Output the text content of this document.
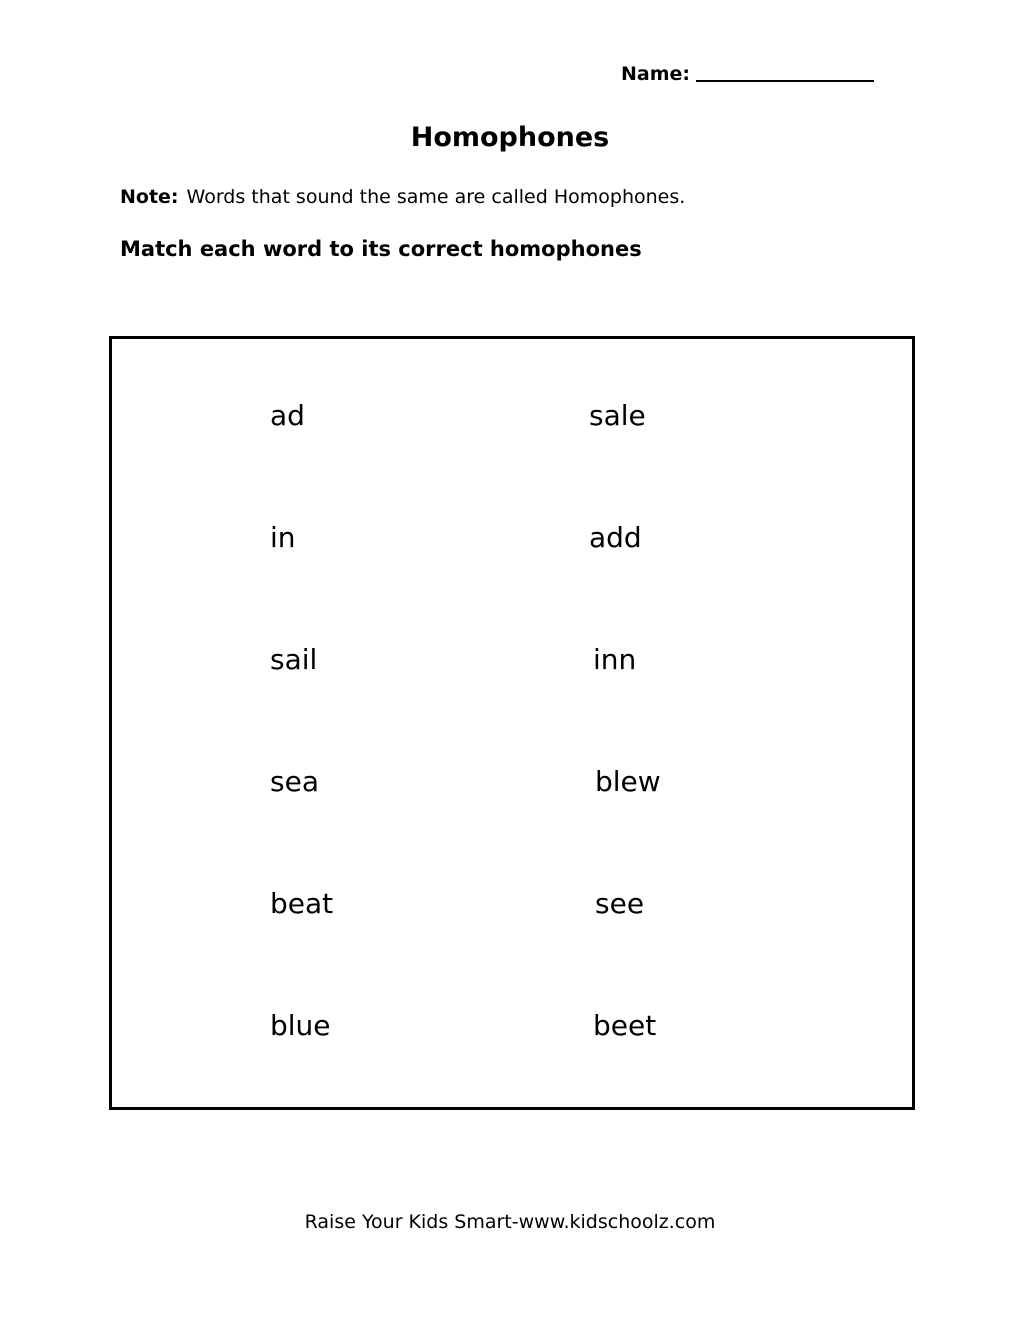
Name:
Homophones
Note: Words that sound the same are called Homophones.
Match each word to its correct homophones
ad
in
sail
sea
beat
blue
sale
add
inn
blew
see
beet
Raise Your Kids Smart-www.kidschoolz.com
